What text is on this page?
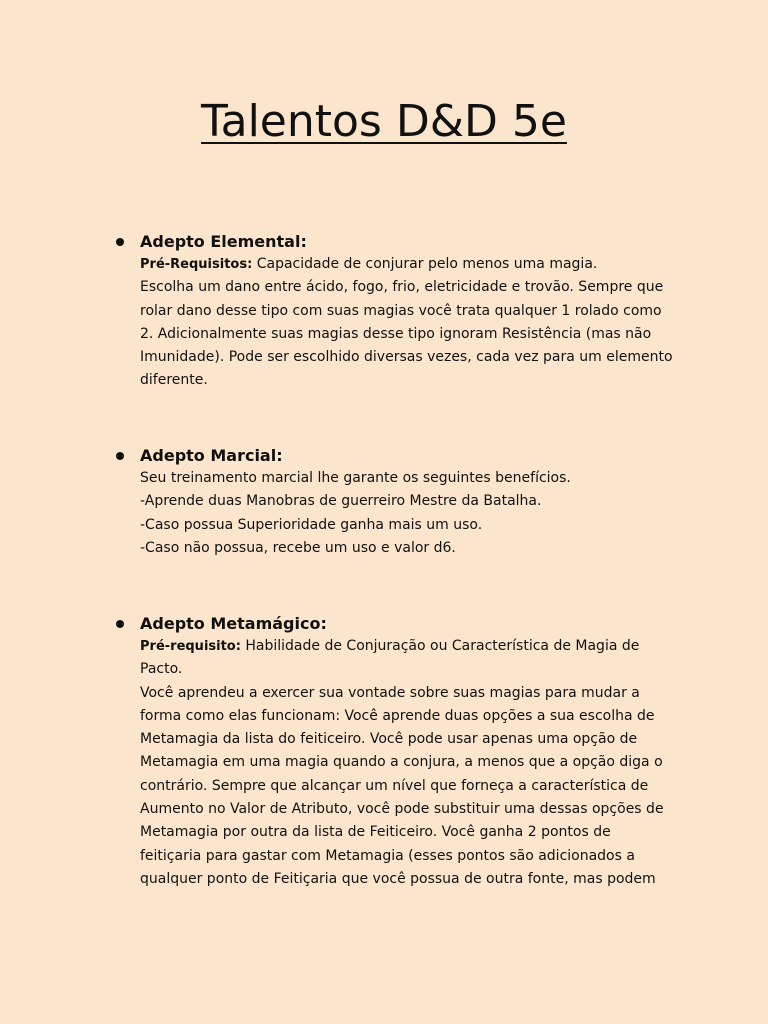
Talentos D&D 5e
Adepto Elemental:
Pré-Requisitos: Capacidade de conjurar pelo menos uma magia.
Escolha um dano entre ácido, fogo, frio, eletricidade e trovão. Sempre que
rolar dano desse tipo com suas magias você trata qualquer 1 rolado como
2. Adicionalmente suas magias desse tipo ignoram Resistência (mas não
Imunidade). Pode ser escolhido diversas vezes, cada vez para um elemento
diferente.
Adepto Marcial:
Seu treinamento marcial lhe garante os seguintes benefícios.
-Aprende duas Manobras de guerreiro Mestre da Batalha.
-Caso possua Superioridade ganha mais um uso.
-Caso não possua, recebe um uso e valor d6.
Adepto Metamágico:
Pré-requisito: Habilidade de Conjuração ou Característica de Magia de
Pacto.
Você aprendeu a exercer sua vontade sobre suas magias para mudar a
forma como elas funcionam: Você aprende duas opções a sua escolha de
Metamagia da lista do feiticeiro. Você pode usar apenas uma opção de
Metamagia em uma magia quando a conjura, a menos que a opção diga o
contrário. Sempre que alcançar um nível que forneça a característica de
Aumento no Valor de Atributo, você pode substituir uma dessas opções de
Metamagia por outra da lista de Feiticeiro. Você ganha 2 pontos de
feitiçaria para gastar com Metamagia (esses pontos são adicionados a
qualquer ponto de Feitiçaria que você possua de outra fonte, mas podem
